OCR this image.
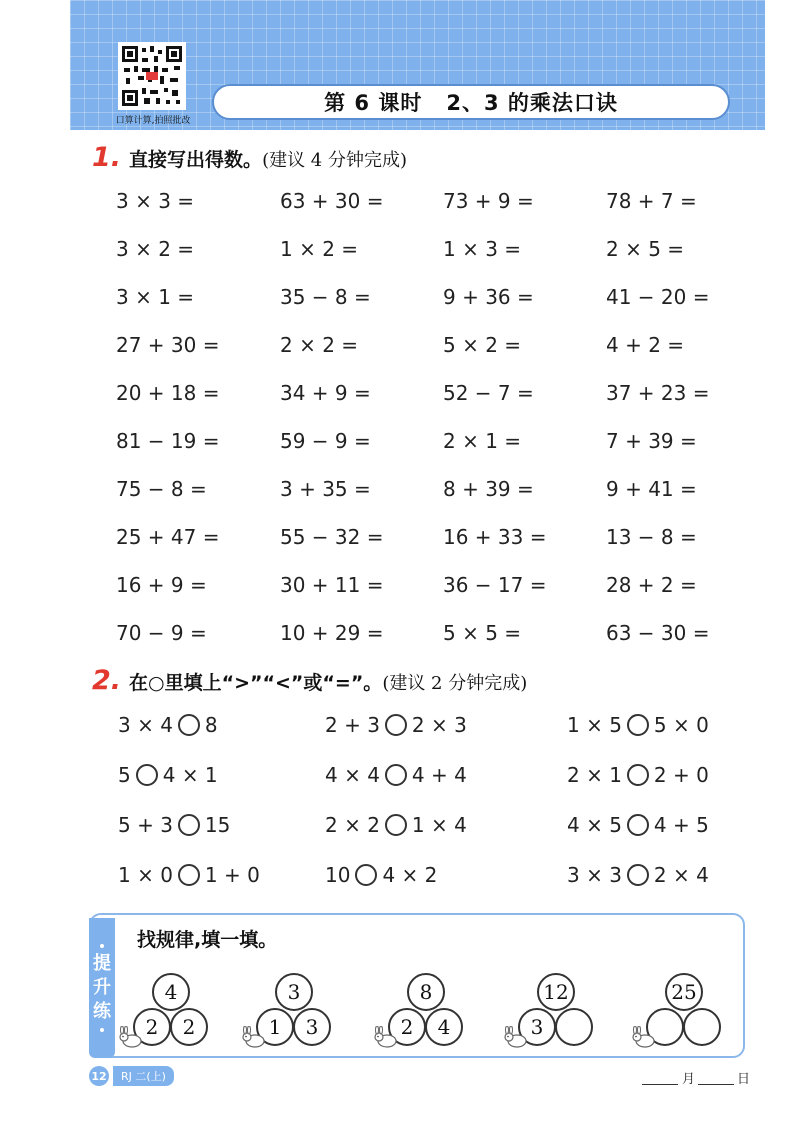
口算计算,拍照批改
第 6 课时 2、3 的乘法口诀
1. 直接写出得数。 (建议 4 分钟完成)
3 × 3 =	63 + 30 =	73 + 9 =	78 + 7 =
3 × 2 =	1 × 2 =	1 × 3 =	2 × 5 =
3 × 1 =	35 − 8 =	9 + 36 =	41 − 20 =
27 + 30 =	2 × 2 =	5 × 2 =	4 + 2 =
20 + 18 =	34 + 9 =	52 − 7 =	37 + 23 =
81 − 19 =	59 − 9 =	2 × 1 =	7 + 39 =
75 − 8 =	3 + 35 =	8 + 39 =	9 + 41 =
25 + 47 =	55 − 32 =	16 + 33 =	13 − 8 =
16 + 9 =	30 + 11 =	36 − 17 =	28 + 2 =
70 − 9 =	10 + 29 =	5 × 5 =	63 − 30 =
2. 在○里填上“>”“<”或“=”。 (建议 2 分钟完成)
3 × 4 8	2 + 3 2 × 3	1 × 5 5 × 0
5 4 × 1	4 × 4 4 + 4	2 × 1 2 + 0
5 + 3 15	2 × 2 1 × 4	4 × 5 4 + 5
1 × 0 1 + 0	10 4 × 2	3 × 3 2 × 4
提
升
练
找规律,填一填。
4
2	2
3
1	3
8
2	4
12
3
25
12	RJ 二(上)	月	日
